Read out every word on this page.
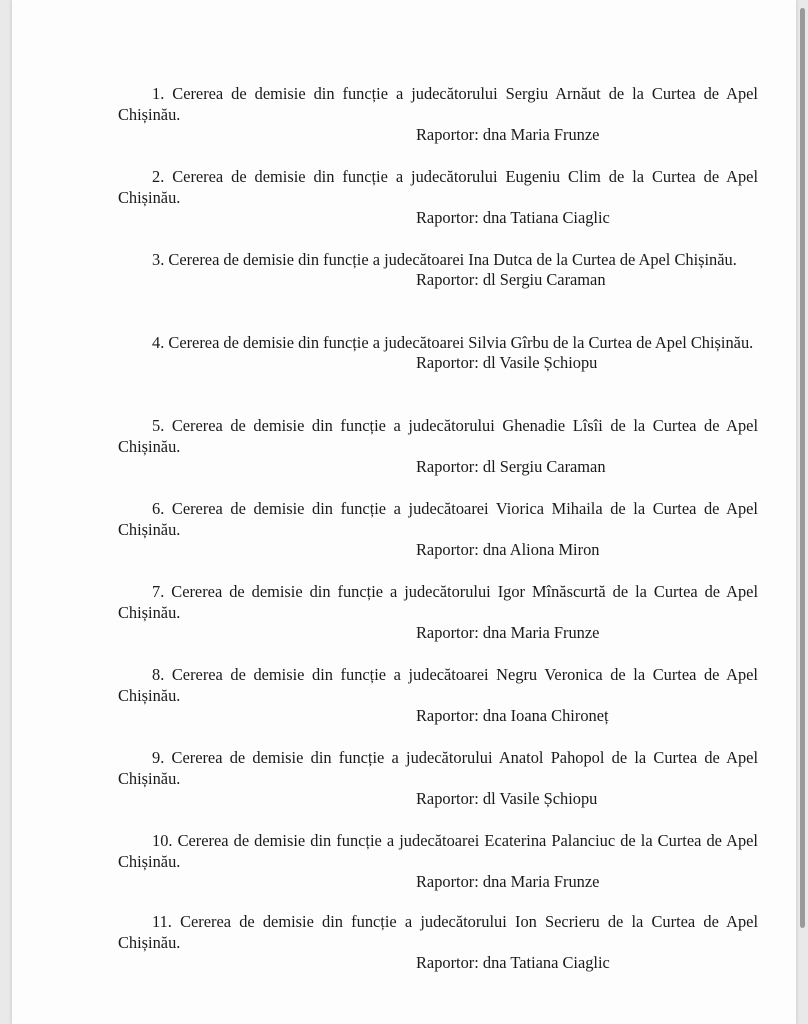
1. Cererea de demisie din funcție a judecătorului Sergiu Arnăut de la Curtea de Apel Chișinău.

Raportor: dna Maria Frunze

2. Cererea de demisie din funcție a judecătorului Eugeniu Clim de la Curtea de Apel Chișinău.

Raportor: dna Tatiana Ciaglic

3. Cererea de demisie din funcție a judecătoarei Ina Dutca de la Curtea de Apel Chișinău.

Raportor: dl Sergiu Caraman

4. Cererea de demisie din funcție a judecătoarei Silvia Gîrbu de la Curtea de Apel Chișinău.

Raportor: dl Vasile Șchiopu

5. Cererea de demisie din funcție a judecătorului Ghenadie Lîsîi de la Curtea de Apel Chișinău.

Raportor: dl Sergiu Caraman

6. Cererea de demisie din funcție a judecătoarei Viorica Mihaila de la Curtea de Apel Chișinău.

Raportor: dna Aliona Miron

7. Cererea de demisie din funcție a judecătorului Igor Mînăscurtă de la Curtea de Apel Chișinău.

Raportor: dna Maria Frunze

8. Cererea de demisie din funcție a judecătoarei Negru Veronica de la Curtea de Apel Chișinău.

Raportor: dna Ioana Chironeț

9. Cererea de demisie din funcție a judecătorului Anatol Pahopol de la Curtea de Apel Chișinău.

Raportor: dl Vasile Șchiopu

10. Cererea de demisie din funcție a judecătoarei Ecaterina Palanciuc de la Curtea de Apel Chișinău.

Raportor: dna Maria Frunze

11. Cererea de demisie din funcție a judecătorului Ion Secrieru de la Curtea de Apel Chișinău.

Raportor: dna Tatiana Ciaglic
